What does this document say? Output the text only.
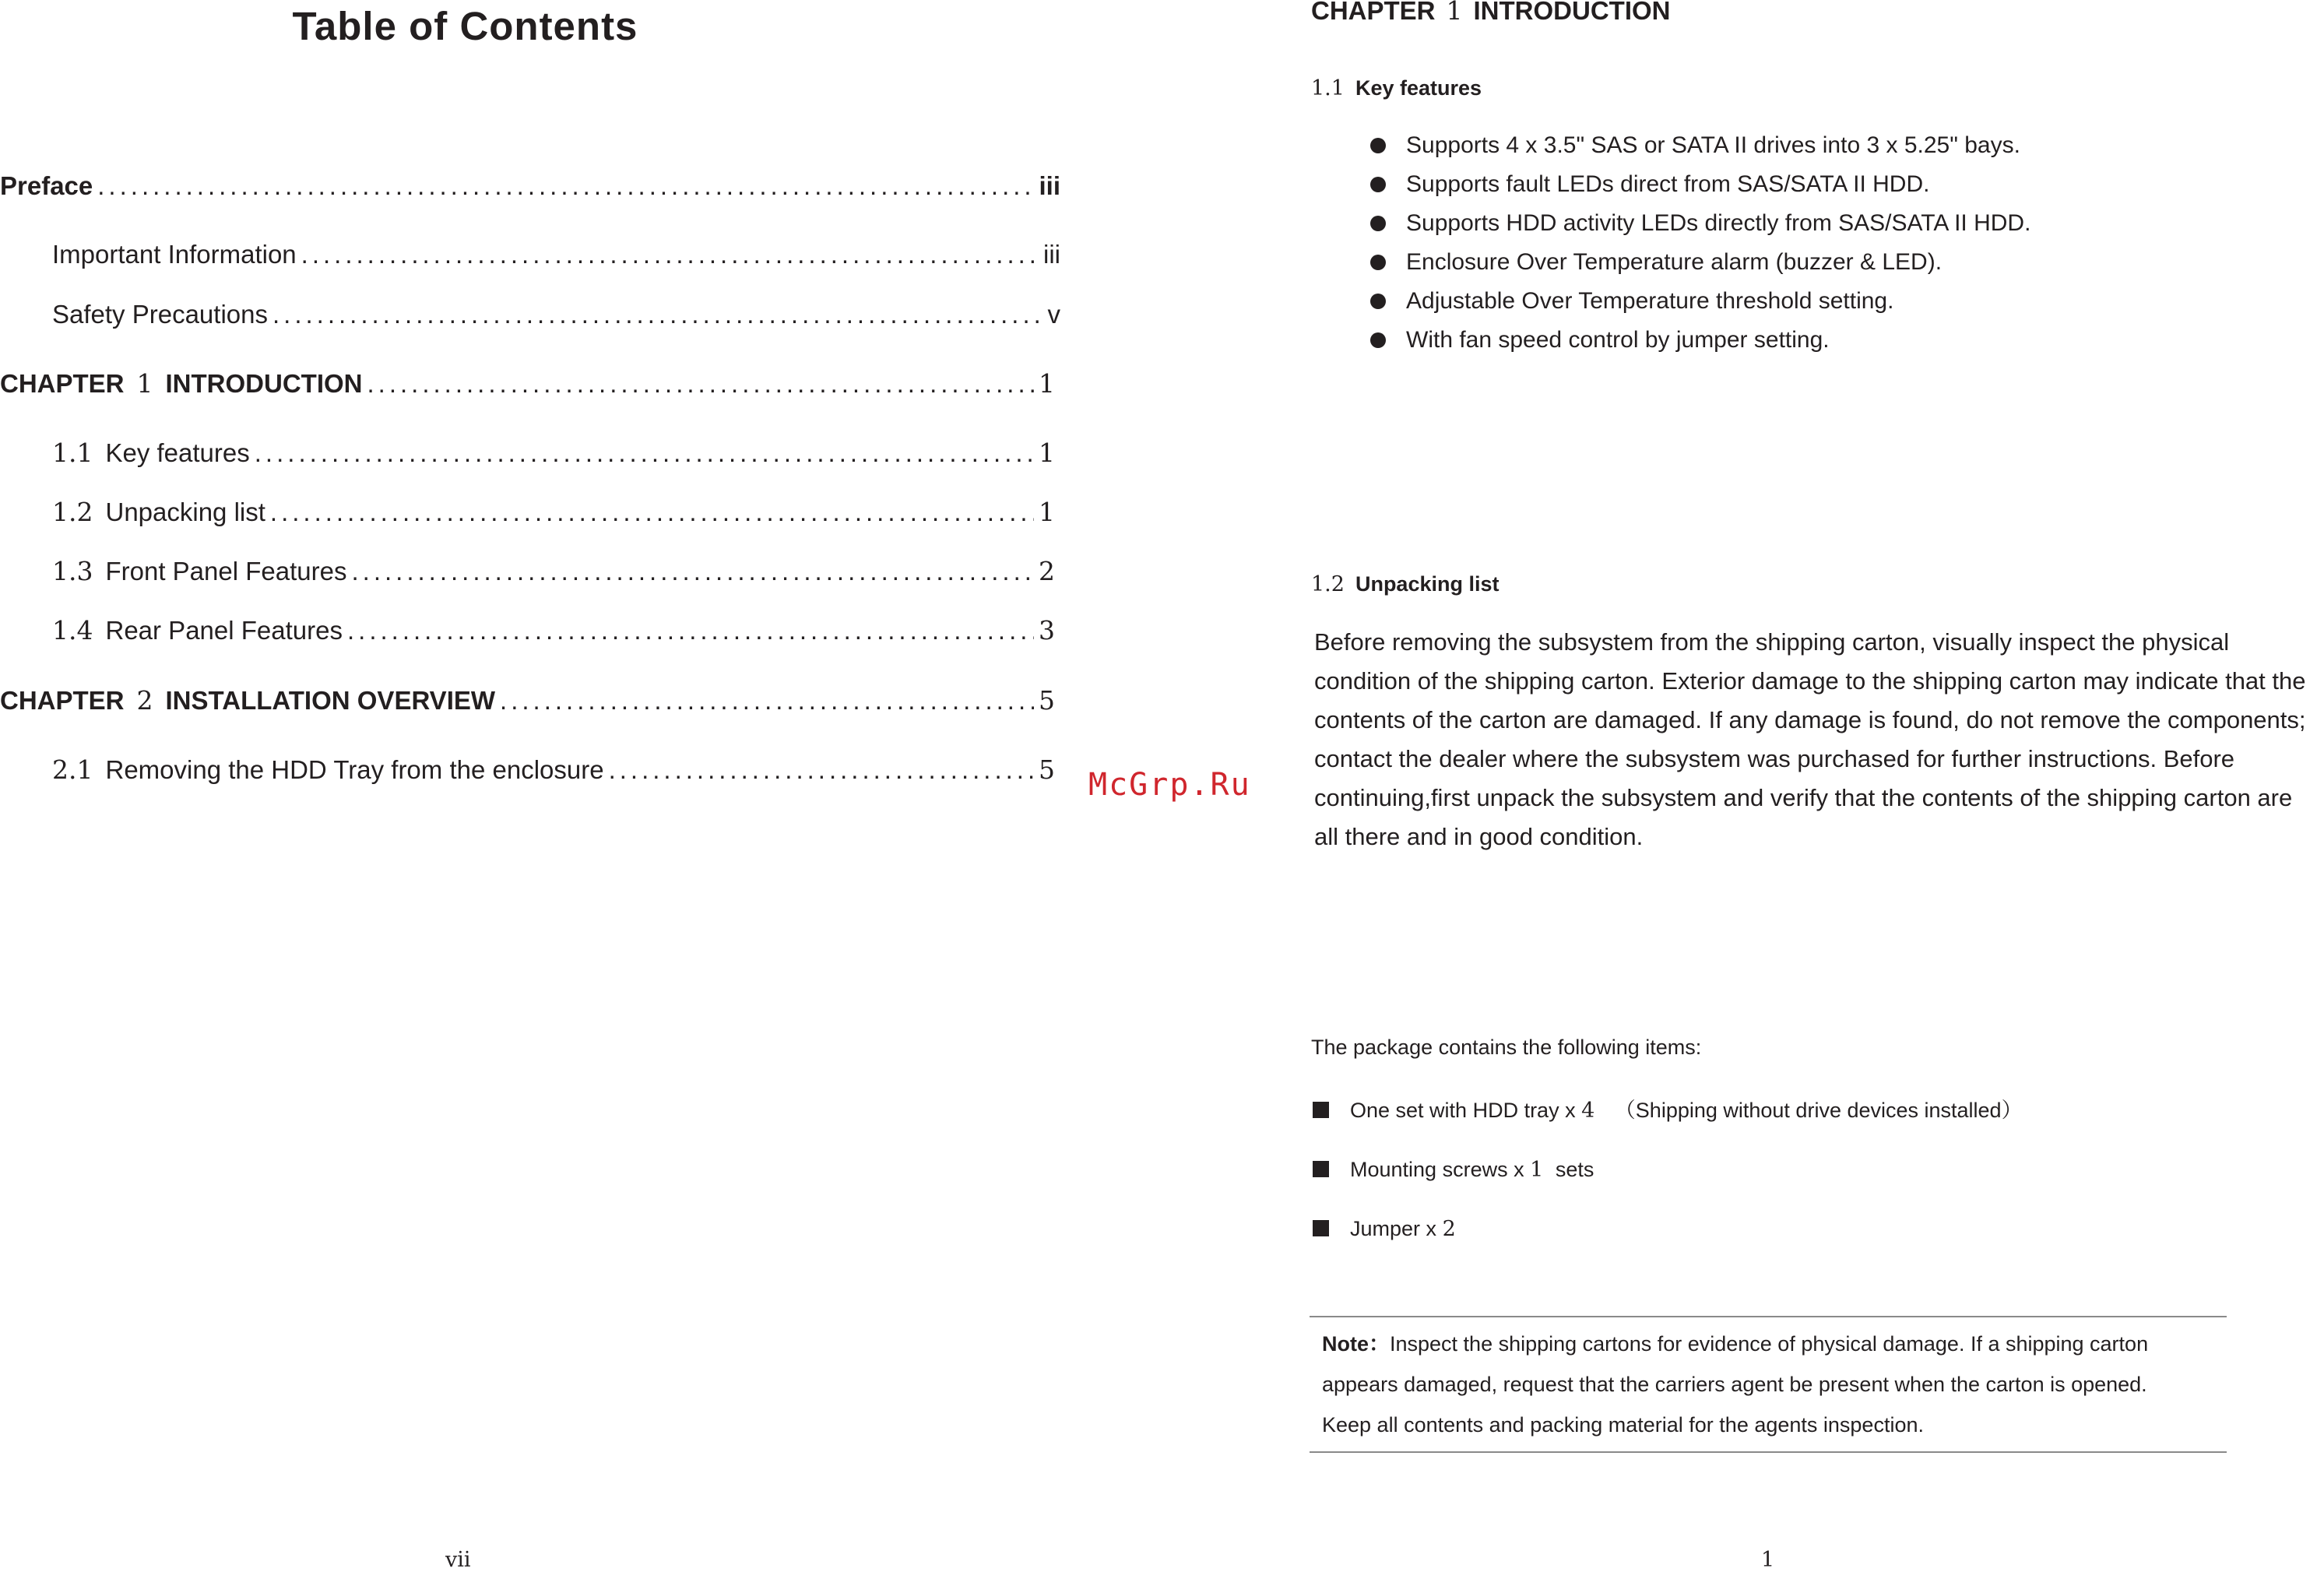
Table of Contents
Preface .....	iii
Important Information .....	iii
Safety Precautions .....	v
CHAPTER 1 INTRODUCTION .....	1
1.1 Key features .....	1
1.2 Unpacking list .....	1
1.3 Front Panel Features .....	2
1.4 Rear Panel Features .....	3
CHAPTER 2 INSTALLATION OVERVIEW .....	5
2.1 Removing the HDD Tray from the enclosure .....	5 McGrp.Ru
vii
CHAPTER 1 INTRODUCTION
1.1 Key features
Supports 4 x 3.5" SAS or SATA II drives into 3 x 5.25" bays.
Supports fault LEDs direct from SAS/SATA II HDD.
Supports HDD activity LEDs directly from SAS/SATA II HDD.
Enclosure Over Temperature alarm (buzzer & LED).
Adjustable Over Temperature threshold setting.
With fan speed control by jumper setting.
1.2 Unpacking list

Before removing the subsystem from the shipping carton, visually inspect the physical

condition of the shipping carton. Exterior damage to the shipping carton may indicate that the

contents of the carton are damaged. If any damage is found, do not remove the components;

contact the dealer where the subsystem was purchased for further instructions. Before

continuing,first unpack the subsystem and verify that the contents of the shipping carton are

all there and in good condition.

The package contains the following items:
One set with HDD tray x 4 （Shipping without drive devices installed）
Mounting screws x 1 sets
Jumper x 2

Note：Inspect the shipping cartons for evidence of physical damage. If a shipping carton

appears damaged, request that the carriers agent be present when the carton is opened.

Keep all contents and packing material for the agents inspection.

1
